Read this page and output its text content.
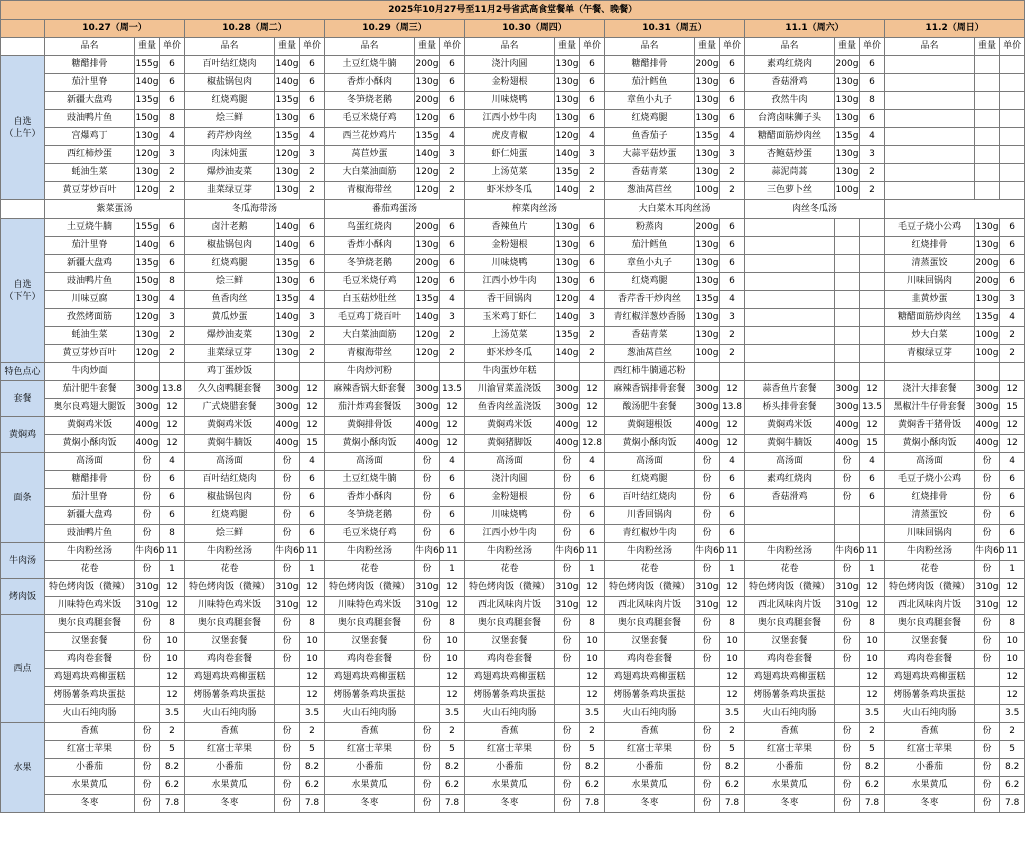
2025年10月27号至11月2号省武高食堂餐单（午餐、晚餐）																					
	10.27（周一）			10.28（周二）			10.29（周三）			10.30（周四）			10.31（周五）			11.1（周六）			11.2（周日）		
	品名	重量	单价	品名	重量	单价	品名	重量	单价	品名	重量	单价	品名	重量	单价	品名	重量	单价	品名	重量	单价
自选
（上午）	糖醋排骨	155g	6	百叶结红烧肉	140g	6	土豆红烧牛腩	200g	6	浇汁肉圆	130g	6	糖醋排骨	200g	6	素鸡红烧肉	200g	6			
	茄汁里脊	140g	6	椒盐锅包肉	140g	6	香炸小酥肉	130g	6	金粉翅根	130g	6	茄汁鳕鱼	130g	6	香菇滑鸡	130g	6			
	新疆大盘鸡	135g	6	红烧鸡腿	135g	6	冬笋烧老鹅	200g	6	川味烧鸭	130g	6	章鱼小丸子	130g	6	孜然牛肉	130g	8			
	豉油鸭片鱼	150g	8	烩三鲜	130g	6	毛豆米烧仔鸡	120g	6	江西小炒牛肉	130g	6	红烧鸡腿	130g	6	台湾卤味狮子头	130g	6			
	宫爆鸡丁	130g	4	药芹炒肉丝	135g	4	西兰花炒鸡片	135g	4	虎皮青椒	120g	4	鱼香茄子	135g	4	糖醋面筋炒肉丝	135g	4			
	西红柿炒蛋	120g	3	肉沫炖蛋	120g	3	莴苣炒蛋	140g	3	虾仁炖蛋	140g	3	大蒜平菇炒蛋	130g	3	杏鲍菇炒蛋	130g	3			
	蚝油生菜	130g	2	爆炒油麦菜	130g	2	大白菜油面筋	120g	2	上汤苋菜	135g	2	香菇青菜	130g	2	蒜泥茼蒿	130g	2			
	黄豆芽炒百叶	120g	2	韭菜绿豆芽	130g	2	青椒海带丝	120g	2	虾米炒冬瓜	140g	2	葱油莴苣丝	100g	2	三色萝卜丝	100g	2			
	紫菜蛋汤			冬瓜海带汤			番茄鸡蛋汤			榨菜肉丝汤			大白菜木耳肉丝汤			肉丝冬瓜汤					
自选
（下午）	土豆烧牛腩	155g	6	卤汁老鹅	140g	6	鸟蛋红烧肉	200g	6	香辣鱼片	130g	6	粉蒸肉	200g	6				毛豆子烧小公鸡	130g	6
	茄汁里脊	140g	6	椒盐锅包肉	140g	6	香炸小酥肉	130g	6	金粉翅根	130g	6	茄汁鳕鱼	130g	6				红烧排骨	130g	6
	新疆大盘鸡	135g	6	红烧鸡腿	135g	6	冬笋烧老鹅	200g	6	川味烧鸭	130g	6	章鱼小丸子	130g	6				清蒸蛋饺	200g	6
	豉油鸭片鱼	150g	8	烩三鲜	130g	6	毛豆米烧仔鸡	120g	6	江西小炒牛肉	130g	6	红烧鸡腿	130g	6				川味回锅肉	200g	6
	川味豆腐	130g	4	鱼香肉丝	135g	4	白玉菇炒肚丝	135g	4	香干回锅肉	120g	4	香芹香干炒肉丝	135g	4				韭黄炒蛋	130g	3
	孜然烤面筋	120g	3	黄瓜炒蛋	140g	3	毛豆鸡丁烧百叶	140g	3	玉米鸡丁虾仁	140g	3	青红椒洋葱炒香肠	130g	3				糖醋面筋炒肉丝	135g	4
	蚝油生菜	130g	2	爆炒油麦菜	130g	2	大白菜油面筋	120g	2	上汤苋菜	135g	2	香菇青菜	130g	2				炒大白菜	100g	2
	黄豆芽炒百叶	120g	2	韭菜绿豆芽	130g	2	青椒海带丝	120g	2	虾米炒冬瓜	140g	2	葱油莴苣丝	100g	2				青椒绿豆芽	100g	2
特色点心	牛肉炒面			鸡丁蛋炒饭			牛肉炒河粉			牛肉蛋炒年糕			西红柿牛腩通芯粉								
套餐	茄汁肥牛套餐	300g	13.8	久久卤鸭腿套餐	300g	12	麻辣香锅大虾套餐	300g	13.5	川渝冒菜盖浇饭	300g	12	麻辣香锅排骨套餐	300g	12	蒜香鱼片套餐	300g	12	浇汁大排套餐	300g	12
	奥尔良鸡翅大腿饭	300g	12	广式烧腊套餐	300g	12	茄汁炸鸡套餐饭	300g	12	鱼香肉丝盖浇饭	300g	12	酸汤肥牛套餐	300g	13.8	桥头排骨套餐	300g	13.5	黑椒汁牛仔骨套餐	300g	15
黄焖鸡	黄焖鸡米饭	400g	12	黄焖鸡米饭	400g	12	黄焖排骨饭	400g	12	黄焖鸡米饭	400g	12	黄焖翅根饭	400g	12	黄焖鸡米饭	400g	12	黄焖香干猪骨饭	400g	12
	黄焖小酥肉饭	400g	12	黄焖牛腩饭	400g	15	黄焖小酥肉饭	400g	12	黄焖猪脚饭	400g	12.8	黄焖小酥肉饭	400g	12	黄焖牛腩饭	400g	15	黄焖小酥肉饭	400g	12
面条	高汤面	份	4	高汤面	份	4	高汤面	份	4	高汤面	份	4	高汤面	份	4	高汤面	份	4	高汤面	份	4
	糖醋排骨	份	6	百叶结红烧肉	份	6	土豆红烧牛腩	份	6	浇汁肉圆	份	6	红烧鸡腿	份	6	素鸡红烧肉	份	6	毛豆子烧小公鸡	份	6
	茄汁里脊	份	6	椒盐锅包肉	份	6	香炸小酥肉	份	6	金粉翅根	份	6	百叶结红烧肉	份	6	香菇滑鸡	份	6	红烧排骨	份	6
	新疆大盘鸡	份	6	红烧鸡腿	份	6	冬笋烧老鹅	份	6	川味烧鸭	份	6	川香回锅肉	份	6				清蒸蛋饺	份	6
	豉油鸭片鱼	份	8	烩三鲜	份	6	毛豆米烧仔鸡	份	6	江西小炒牛肉	份	6	青红椒炒牛肉	份	6				川味回锅肉	份	6
牛肉汤	牛肉粉丝汤	牛肉60	11	牛肉粉丝汤	牛肉60	11	牛肉粉丝汤	牛肉60	11	牛肉粉丝汤	牛肉60	11	牛肉粉丝汤	牛肉60	11	牛肉粉丝汤	牛肉60	11	牛肉粉丝汤	牛肉60	11
	花卷	份	1	花卷	份	1	花卷	份	1	花卷	份	1	花卷	份	1	花卷	份	1	花卷	份	1
烤肉饭	特色烤肉饭（微辣）	310g	12	特色烤肉饭（微辣）	310g	12	特色烤肉饭（微辣）	310g	12	特色烤肉饭（微辣）	310g	12	特色烤肉饭（微辣）	310g	12	特色烤肉饭（微辣）	310g	12	特色烤肉饭（微辣）	310g	12
	川味特色鸡米饭	310g	12	川味特色鸡米饭	310g	12	川味特色鸡米饭	310g	12	西北风味肉片饭	310g	12	西北风味肉片饭	310g	12	西北风味肉片饭	310g	12	西北风味肉片饭	310g	12
西点	奥尔良鸡腿套餐	份	8	奥尔良鸡腿套餐	份	8	奥尔良鸡腿套餐	份	8	奥尔良鸡腿套餐	份	8	奥尔良鸡腿套餐	份	8	奥尔良鸡腿套餐	份	8	奥尔良鸡腿套餐	份	8
	汉堡套餐	份	10	汉堡套餐	份	10	汉堡套餐	份	10	汉堡套餐	份	10	汉堡套餐	份	10	汉堡套餐	份	10	汉堡套餐	份	10
	鸡肉卷套餐	份	10	鸡肉卷套餐	份	10	鸡肉卷套餐	份	10	鸡肉卷套餐	份	10	鸡肉卷套餐	份	10	鸡肉卷套餐	份	10	鸡肉卷套餐	份	10
	鸡翅鸡块鸡柳蛋糕		12	鸡翅鸡块鸡柳蛋糕		12	鸡翅鸡块鸡柳蛋糕		12	鸡翅鸡块鸡柳蛋糕		12	鸡翅鸡块鸡柳蛋糕		12	鸡翅鸡块鸡柳蛋糕		12	鸡翅鸡块鸡柳蛋糕		12
	烤肠薯条鸡块蛋挞		12	烤肠薯条鸡块蛋挞		12	烤肠薯条鸡块蛋挞		12	烤肠薯条鸡块蛋挞		12	烤肠薯条鸡块蛋挞		12	烤肠薯条鸡块蛋挞		12	烤肠薯条鸡块蛋挞		12
	火山石纯肉肠		3.5	火山石纯肉肠		3.5	火山石纯肉肠		3.5	火山石纯肉肠		3.5	火山石纯肉肠		3.5	火山石纯肉肠		3.5	火山石纯肉肠		3.5
水果	香蕉	份	2	香蕉	份	2	香蕉	份	2	香蕉	份	2	香蕉	份	2	香蕉	份	2	香蕉	份	2
	红富士苹果	份	5	红富士苹果	份	5	红富士苹果	份	5	红富士苹果	份	5	红富士苹果	份	5	红富士苹果	份	5	红富士苹果	份	5
	小番茄	份	8.2	小番茄	份	8.2	小番茄	份	8.2	小番茄	份	8.2	小番茄	份	8.2	小番茄	份	8.2	小番茄	份	8.2
	水果黄瓜	份	6.2	水果黄瓜	份	6.2	水果黄瓜	份	6.2	水果黄瓜	份	6.2	水果黄瓜	份	6.2	水果黄瓜	份	6.2	水果黄瓜	份	6.2
	冬枣	份	7.8	冬枣	份	7.8	冬枣	份	7.8	冬枣	份	7.8	冬枣	份	7.8	冬枣	份	7.8	冬枣	份	7.8
